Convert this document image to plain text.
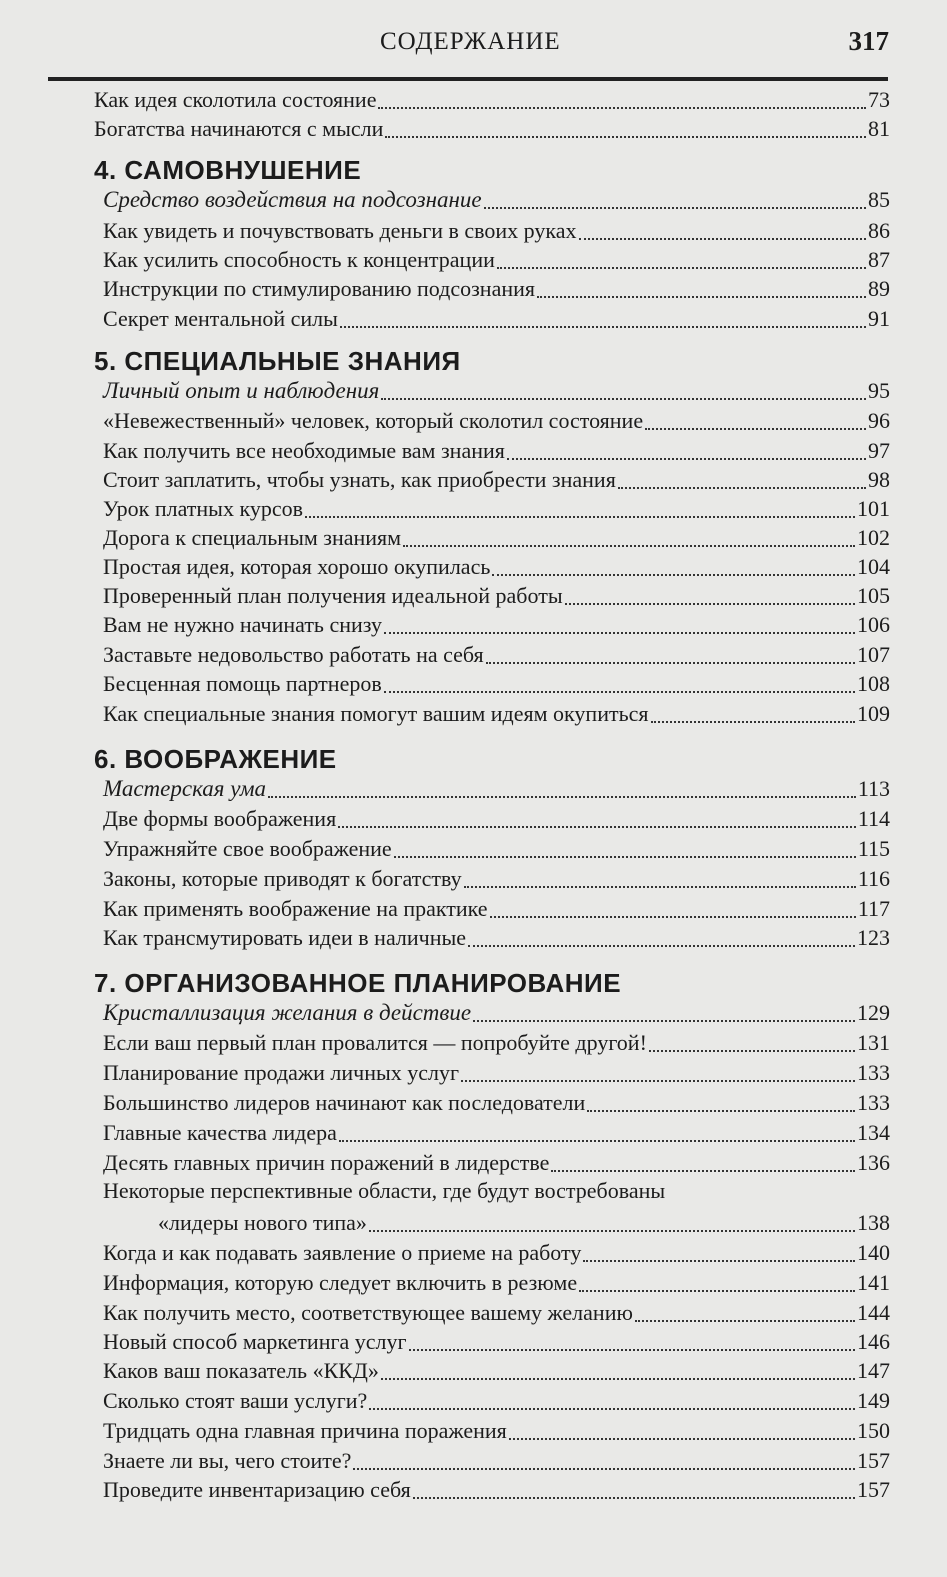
СОДЕРЖАНИЕ	317
Как идея сколотила состояние	73
Богатства начинаются с мысли	81
4. САМОВНУШЕНИЕ
Средство воздействия на подсознание	85
Как увидеть и почувствовать деньги в своих руках	86
Как усилить способность к концентрации	87
Инструкции по стимулированию подсознания	89
Секрет ментальной силы	91
5. СПЕЦИАЛЬНЫЕ ЗНАНИЯ
Личный опыт и наблюдения	95
«Невежественный» человек, который сколотил состояние	96
Как получить все необходимые вам знания	97
Стоит заплатить, чтобы узнать, как приобрести знания	98
Урок платных курсов	101
Дорога к специальным знаниям	102
Простая идея, которая хорошо окупилась	104
Проверенный план получения идеальной работы	105
Вам не нужно начинать снизу	106
Заставьте недовольство работать на себя	107
Бесценная помощь партнеров	108
Как специальные знания помогут вашим идеям окупиться	109
6. ВООБРАЖЕНИЕ
Мастерская ума	113
Две формы воображения	114
Упражняйте свое воображение	115
Законы, которые приводят к богатству	116
Как применять воображение на практике	117
Как трансмутировать идеи в наличные	123
7. ОРГАНИЗОВАННОЕ ПЛАНИРОВАНИЕ
Кристаллизация желания в действие	129
Если ваш первый план провалится — попробуйте другой!	131
Планирование продажи личных услуг	133
Большинство лидеров начинают как последователи	133
Главные качества лидера	134
Десять главных причин поражений в лидерстве	136
Некоторые перспективные области, где будут востребованы
«лидеры нового типа»	138
Когда и как подавать заявление о приеме на работу	140
Информация, которую следует включить в резюме	141
Как получить место, соответствующее вашему желанию	144
Новый способ маркетинга услуг	146
Каков ваш показатель «ККД»	147
Сколько стоят ваши услуги?	149
Тридцать одна главная причина поражения	150
Знаете ли вы, чего стоите?	157
Проведите инвентаризацию себя	157
